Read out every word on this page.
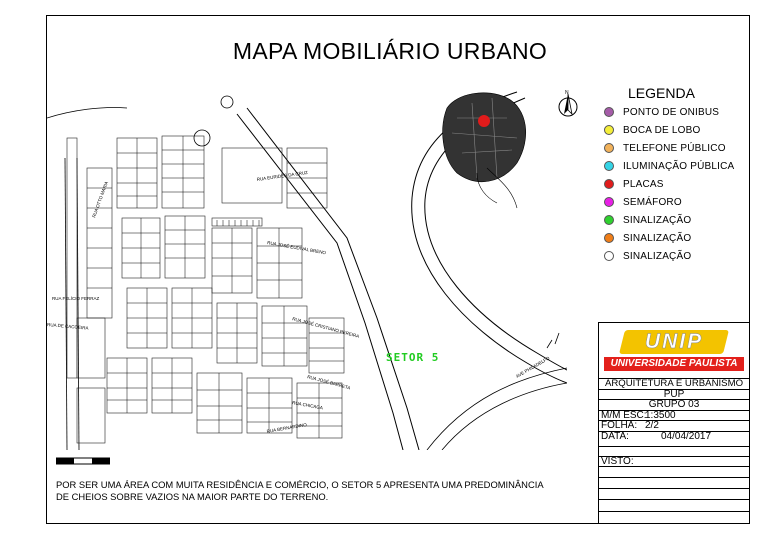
MAPA MOBILIÁRIO URBANO
RUA EURIDES DA CRUZ
RUA JOSÉ EUDIVAL BRENO
RUA JOSÉ CRISTIANO PEREIRA
RUA OTTO MARIA
RUA FELÍCIO FERRAZ
RUA DE CACOEIRA
RUA CHICAGA
RUA BERNARDINO
RUA JOSÉ BARRETA
AVE PHILADELFO
N
SETOR 5
LEGENDA
PONTO DE ONIBUS
BOCA DE LOBO
TELEFONE PÚBLICO
ILUMINAÇÃO PÚBLICA
PLACAS
SEMÁFORO
SINALIZAÇÃO
SINALIZAÇÃO
SINALIZAÇÃO
POR SER UMA ÁREA COM MUITA RESIDÊNCIA E COMÉRCIO, O SETOR 5 APRESENTA UMA PREDOMINÂNCIA
DE CHEIOS SOBRE VAZIOS NA MAIOR PARTE DO TERRENO.
UNIP
UNIVERSIDADE PAULISTA
ARQUITETURA E URBANISMO
PUP
GRUPO 03
M/M ESC:1:3500
FOLHA: 2/2
DATA:	04/04/2017
VISTO:
